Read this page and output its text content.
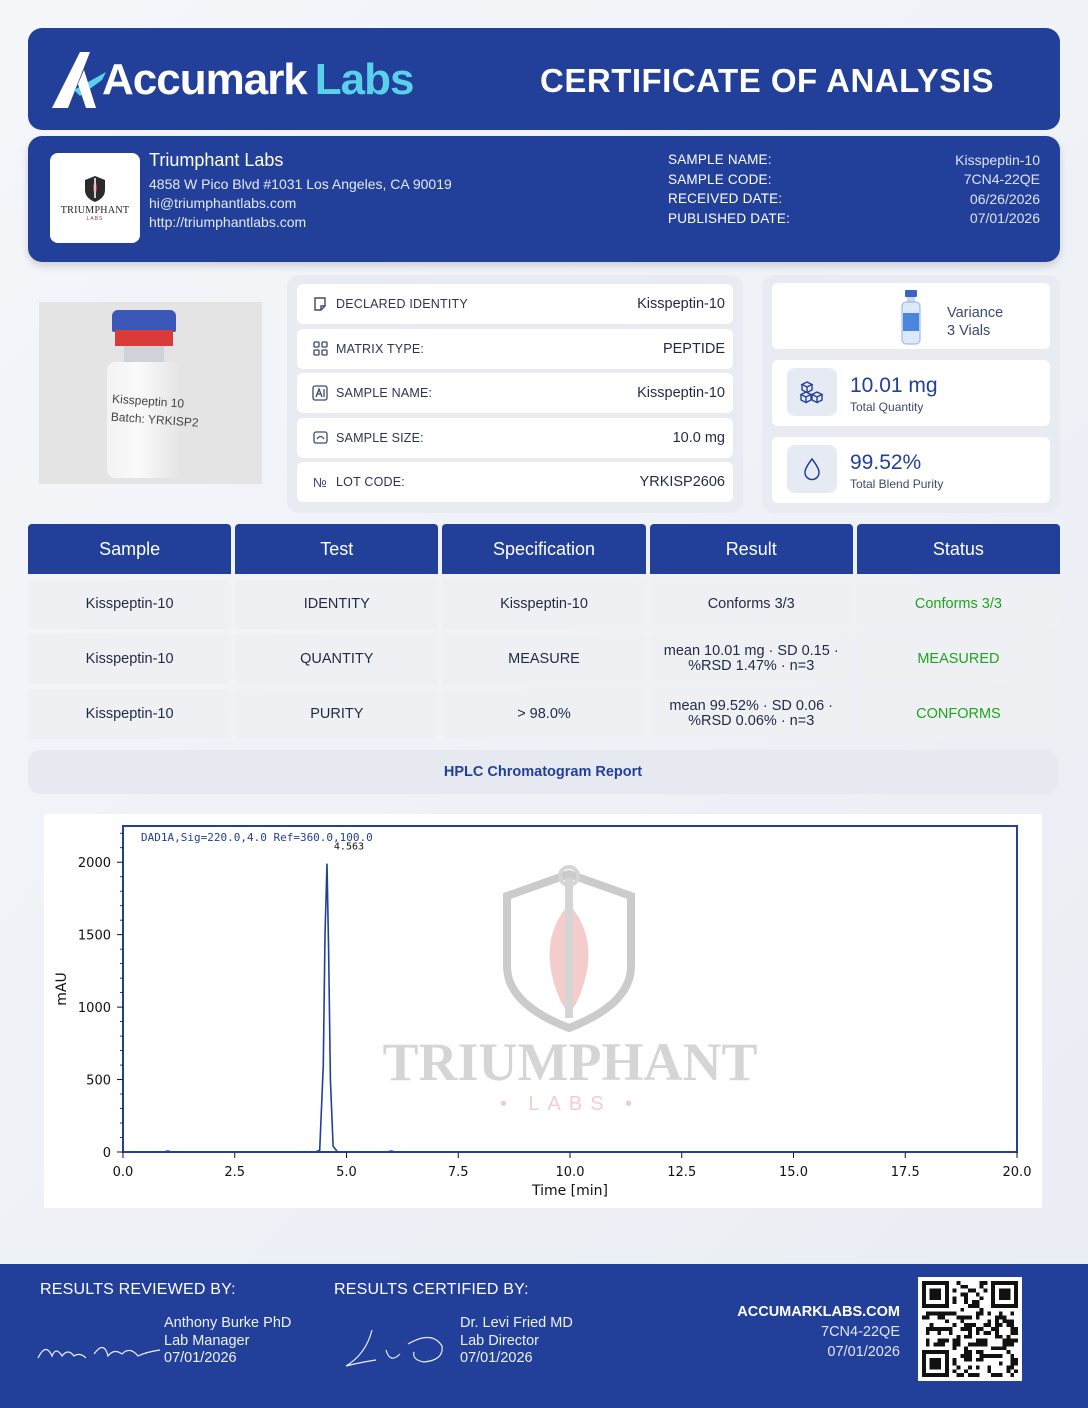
Accumark Labs	CERTIFICATE OF ANALYSIS
TRIUMPHANT
LABS
Triumphant Labs
4858 W Pico Blvd #1031 Los Angeles, CA 90019
hi@triumphantlabs.com
http://triumphantlabs.com
SAMPLE NAME:	Kisspeptin-10
SAMPLE CODE:	7CN4-22QE
RECEIVED DATE:	06/26/2026
PUBLISHED DATE:	07/01/2026
Kisspeptin 10
Batch: YRKISP2
DECLARED IDENTITY	Kisspeptin-10
MATRIX TYPE:	PEPTIDE
SAMPLE NAME:	Kisspeptin-10
SAMPLE SIZE:	10.0 mg
№ LOT CODE:	YRKISP2606
Variance
3 Vials
10.01 mg
Total Quantity
99.52%
Total Blend Purity
Sample	Test	Specification	Result	Status
Kisspeptin-10	IDENTITY	Kisspeptin-10	Conforms 3/3	Conforms 3/3
Kisspeptin-10	QUANTITY	MEASURE	mean 10.01 mg · SD 0.15 · %RSD 1.47% · n=3	MEASURED
Kisspeptin-10	PURITY	> 98.0%	mean 99.52% · SD 0.06 · %RSD 0.06% · n=3	CONFORMS
HPLC Chromatogram Report
TRIUMPHANT
• LABS •
0.0	2.5	5.0	7.5	10.0	12.5	15.0	17.5	20.0
0
500
1000
1500
2000
DAD1A,Sig=220.0,4.0 Ref=360.0,100.0
4.563
Time [min]
mAU
RESULTS REVIEWED BY:
Anthony Burke PhD
Lab Manager
07/01/2026
RESULTS CERTIFIED BY:
Dr. Levi Fried MD
Lab Director
07/01/2026
ACCUMARKLABS.COM
7CN4-22QE
07/01/2026
